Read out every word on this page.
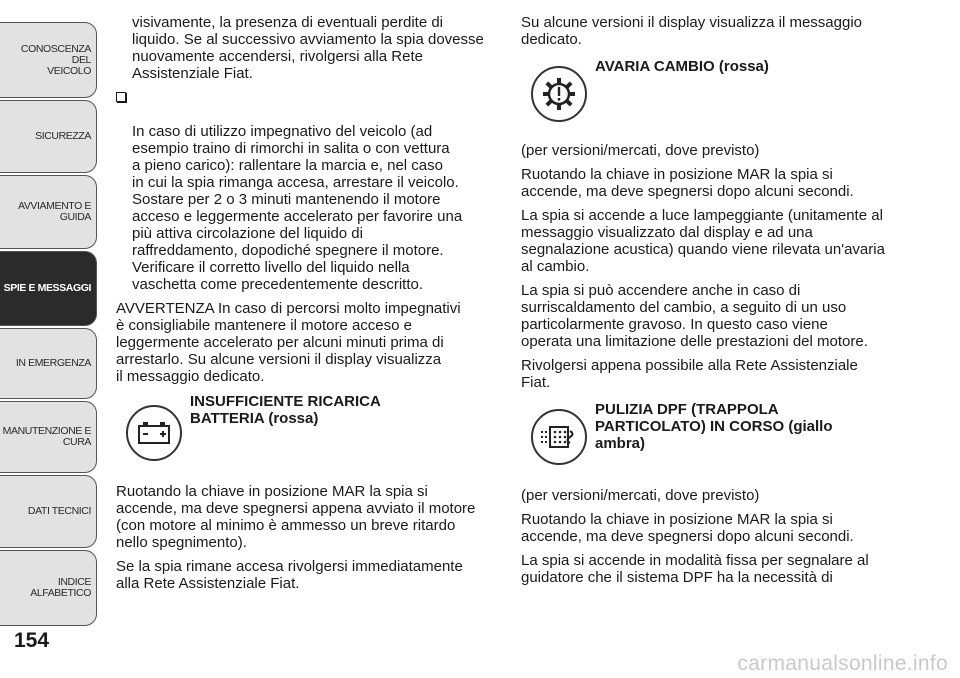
CONOSCENZA DEL
VEICOLO
SICUREZZA
AVVIAMENTO E
GUIDA
SPIE E MESSAGGI
IN EMERGENZA
MANUTENZIONE E
CURA
DATI TECNICI
INDICE ALFABETICO
154

visivamente, la presenza di eventuali perdite di
liquido. Se al successivo avviamento la spia dovesse
nuovamente accendersi, rivolgersi alla Rete
Assistenziale Fiat.

In caso di utilizzo impegnativo del veicolo (ad
esempio traino di rimorchi in salita o con vettura
a pieno carico): rallentare la marcia e, nel caso
in cui la spia rimanga accesa, arrestare il veicolo.
Sostare per 2 o 3 minuti mantenendo il motore
acceso e leggermente accelerato per favorire una
più attiva circolazione del liquido di
raffreddamento, dopodiché spegnere il motore.
Verificare il corretto livello del liquido nella
vaschetta come precedentemente descritto.

AVVERTENZA In caso di percorsi molto impegnativi
è consigliabile mantenere il motore acceso e
leggermente accelerato per alcuni minuti prima di
arrestarlo. Su alcune versioni il display visualizza
il messaggio dedicato.

INSUFFICIENTE RICARICA
BATTERIA (rossa)

Ruotando la chiave in posizione MAR la spia si
accende, ma deve spegnersi appena avviato il motore
(con motore al minimo è ammesso un breve ritardo
nello spegnimento).

Se la spia rimane accesa rivolgersi immediatamente
alla Rete Assistenziale Fiat.

Su alcune versioni il display visualizza il messaggio
dedicato.

AVARIA CAMBIO (rossa)

(per versioni/mercati, dove previsto)

Ruotando la chiave in posizione MAR la spia si
accende, ma deve spegnersi dopo alcuni secondi.

La spia si accende a luce lampeggiante (unitamente al
messaggio visualizzato dal display e ad una
segnalazione acustica) quando viene rilevata un'avaria
al cambio.

La spia si può accendere anche in caso di
surriscaldamento del cambio, a seguito di un uso
particolarmente gravoso. In questo caso viene
operata una limitazione delle prestazioni del motore.

Rivolgersi appena possibile alla Rete Assistenziale
Fiat.

PULIZIA DPF (TRAPPOLA
PARTICOLATO) IN CORSO (giallo
ambra)

(per versioni/mercati, dove previsto)

Ruotando la chiave in posizione MAR la spia si
accende, ma deve spegnersi dopo alcuni secondi.

La spia si accende in modalità fissa per segnalare al
guidatore che il sistema DPF ha la necessità di

carmanualsonline.info
